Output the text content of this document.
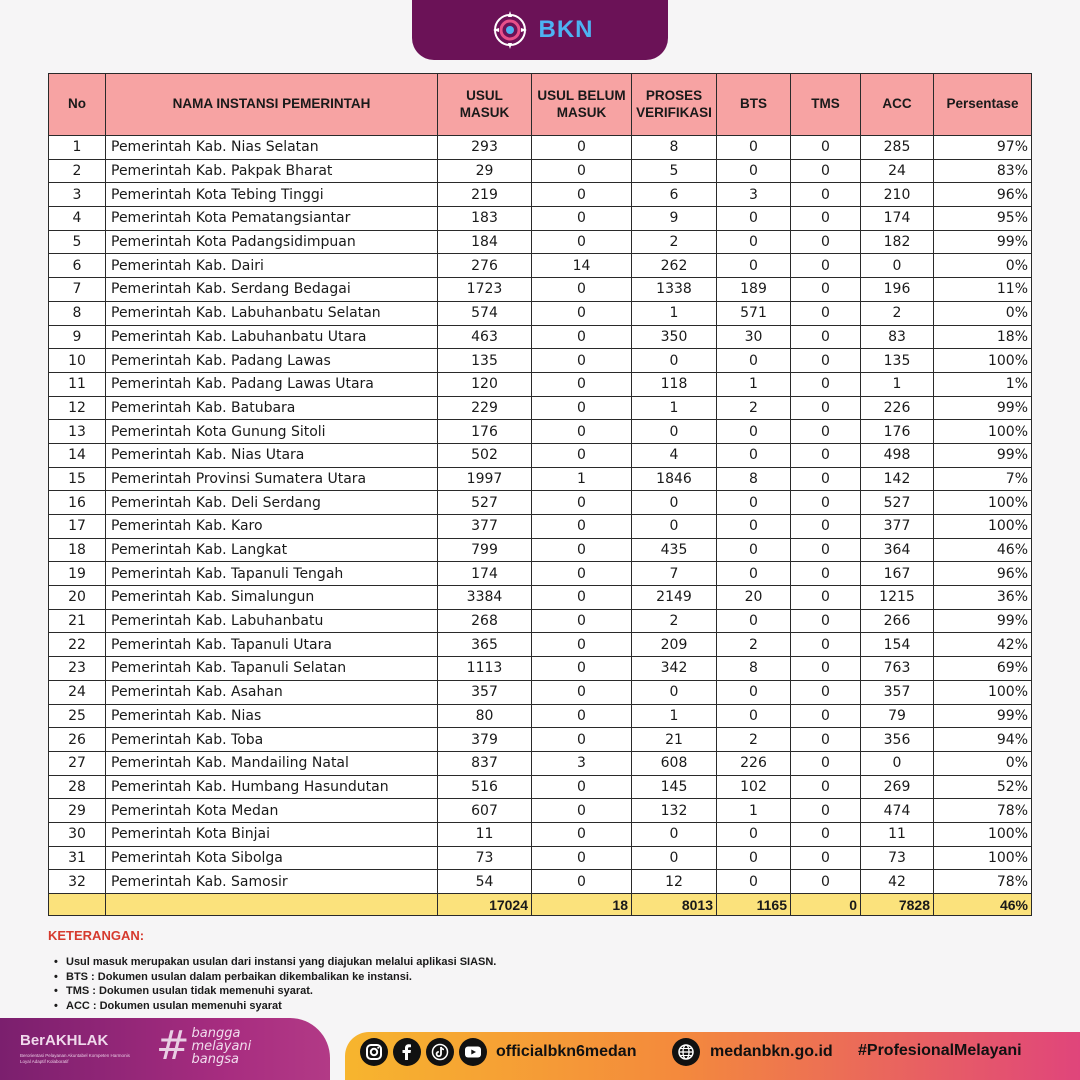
BKN
No	NAMA INSTANSI PEMERINTAH	USUL MASUK	USUL BELUM MASUK	PROSES VERIFIKASI	BTS	TMS	ACC	Persentase
1	Pemerintah Kab. Nias Selatan	293	0	8	0	0	285	97%
2	Pemerintah Kab. Pakpak Bharat	29	0	5	0	0	24	83%
3	Pemerintah Kota Tebing Tinggi	219	0	6	3	0	210	96%
4	Pemerintah Kota Pematangsiantar	183	0	9	0	0	174	95%
5	Pemerintah Kota Padangsidimpuan	184	0	2	0	0	182	99%
6	Pemerintah Kab. Dairi	276	14	262	0	0	0	0%
7	Pemerintah Kab. Serdang Bedagai	1723	0	1338	189	0	196	11%
8	Pemerintah Kab. Labuhanbatu Selatan	574	0	1	571	0	2	0%
9	Pemerintah Kab. Labuhanbatu Utara	463	0	350	30	0	83	18%
10	Pemerintah Kab. Padang Lawas	135	0	0	0	0	135	100%
11	Pemerintah Kab. Padang Lawas Utara	120	0	118	1	0	1	1%
12	Pemerintah Kab. Batubara	229	0	1	2	0	226	99%
13	Pemerintah Kota Gunung Sitoli	176	0	0	0	0	176	100%
14	Pemerintah Kab. Nias Utara	502	0	4	0	0	498	99%
15	Pemerintah Provinsi Sumatera Utara	1997	1	1846	8	0	142	7%
16	Pemerintah Kab. Deli Serdang	527	0	0	0	0	527	100%
17	Pemerintah Kab. Karo	377	0	0	0	0	377	100%
18	Pemerintah Kab. Langkat	799	0	435	0	0	364	46%
19	Pemerintah Kab. Tapanuli Tengah	174	0	7	0	0	167	96%
20	Pemerintah Kab. Simalungun	3384	0	2149	20	0	1215	36%
21	Pemerintah Kab. Labuhanbatu	268	0	2	0	0	266	99%
22	Pemerintah Kab. Tapanuli Utara	365	0	209	2	0	154	42%
23	Pemerintah Kab. Tapanuli Selatan	1113	0	342	8	0	763	69%
24	Pemerintah Kab. Asahan	357	0	0	0	0	357	100%
25	Pemerintah Kab. Nias	80	0	1	0	0	79	99%
26	Pemerintah Kab. Toba	379	0	21	2	0	356	94%
27	Pemerintah Kab. Mandailing Natal	837	3	608	226	0	0	0%
28	Pemerintah Kab. Humbang Hasundutan	516	0	145	102	0	269	52%
29	Pemerintah Kota Medan	607	0	132	1	0	474	78%
30	Pemerintah Kota Binjai	11	0	0	0	0	11	100%
31	Pemerintah Kota Sibolga	73	0	0	0	0	73	100%
32	Pemerintah Kab. Samosir	54	0	12	0	0	42	78%
		17024	18	8013	1165	0	7828	46%
KETERANGAN:
• Usul masuk merupakan usulan dari instansi yang diajukan melalui aplikasi SIASN.
• BTS : Dokumen usulan dalam perbaikan dikembalikan ke instansi.
• TMS : Dokumen usulan tidak memenuhi syarat.
• ACC : Dokumen usulan memenuhi syarat
BerAKHLAK
Berorientasi Pelayanan Akuntabel Kompeten Harmonis Loyal Adaptif Kolaboratif	# bangga
melayani
bangsa	officialbkn6medan	medanbkn.go.id #ProfesionalMelayani
